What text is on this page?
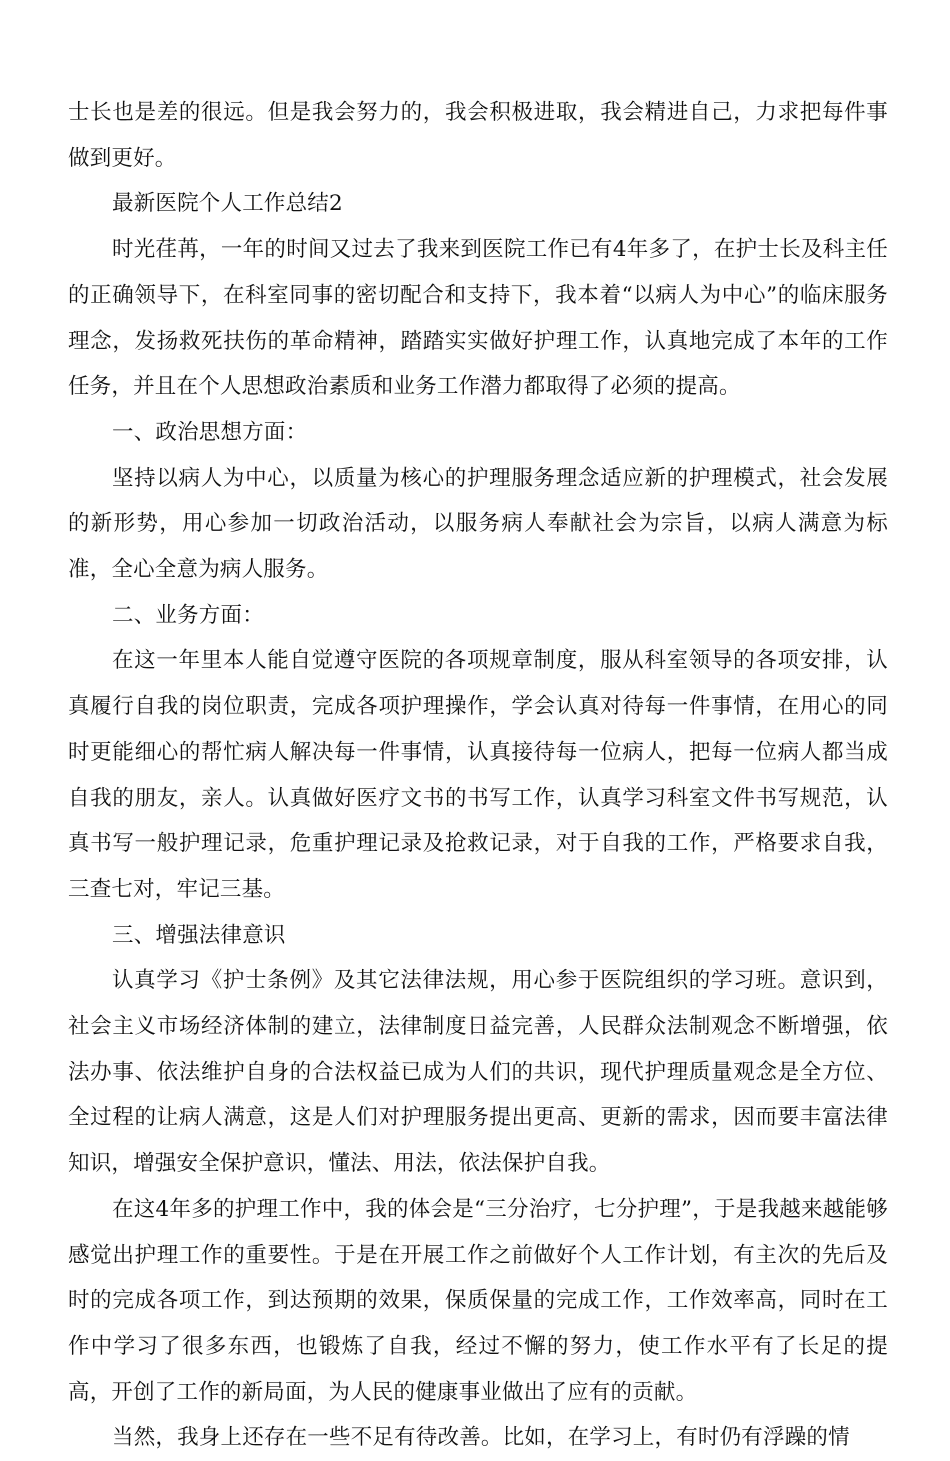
士长也是差的很远。但是我会努力的，我会积极进取，我会精进自己，力求把每件事做到更好。

最新医院个人工作总结2

时光荏苒，一年的时间又过去了我来到医院工作已有4年多了，在护士长及科主任的正确领导下，在科室同事的密切配合和支持下，我本着“以病人为中心”的临床服务理念，发扬救死扶伤的革命精神，踏踏实实做好护理工作，认真地完成了本年的工作任务，并且在个人思想政治素质和业务工作潜力都取得了必须的提高。

一、政治思想方面：

坚持以病人为中心，以质量为核心的护理服务理念适应新的护理模式，社会发展的新形势，用心参加一切政治活动，以服务病人奉献社会为宗旨，以病人满意为标准，全心全意为病人服务。

二、业务方面：

在这一年里本人能自觉遵守医院的各项规章制度，服从科室领导的各项安排，认真履行自我的岗位职责，完成各项护理操作，学会认真对待每一件事情，在用心的同时更能细心的帮忙病人解决每一件事情，认真接待每一位病人，把每一位病人都当成自我的朋友，亲人。认真做好医疗文书的书写工作，认真学习科室文件书写规范，认真书写一般护理记录，危重护理记录及抢救记录，对于自我的工作，严格要求自我，三查七对，牢记三基。

三、增强法律意识

认真学习《护士条例》及其它法律法规，用心参于医院组织的学习班。意识到，社会主义市场经济体制的建立，法律制度日益完善，人民群众法制观念不断增强，依法办事、依法维护自身的合法权益已成为人们的共识，现代护理质量观念是全方位、全过程的让病人满意，这是人们对护理服务提出更高、更新的需求，因而要丰富法律知识，增强安全保护意识，懂法、用法，依法保护自我。

在这4年多的护理工作中，我的体会是“三分治疗，七分护理”，于是我越来越能够感觉出护理工作的重要性。于是在开展工作之前做好个人工作计划，有主次的先后及时的完成各项工作，到达预期的效果，保质保量的完成工作，工作效率高，同时在工作中学习了很多东西，也锻炼了自我，经过不懈的努力，使工作水平有了长足的提高，开创了工作的新局面，为人民的健康事业做出了应有的贡献。

当然，我身上还存在一些不足有待改善。比如，在学习上，有时仍有浮躁的情
